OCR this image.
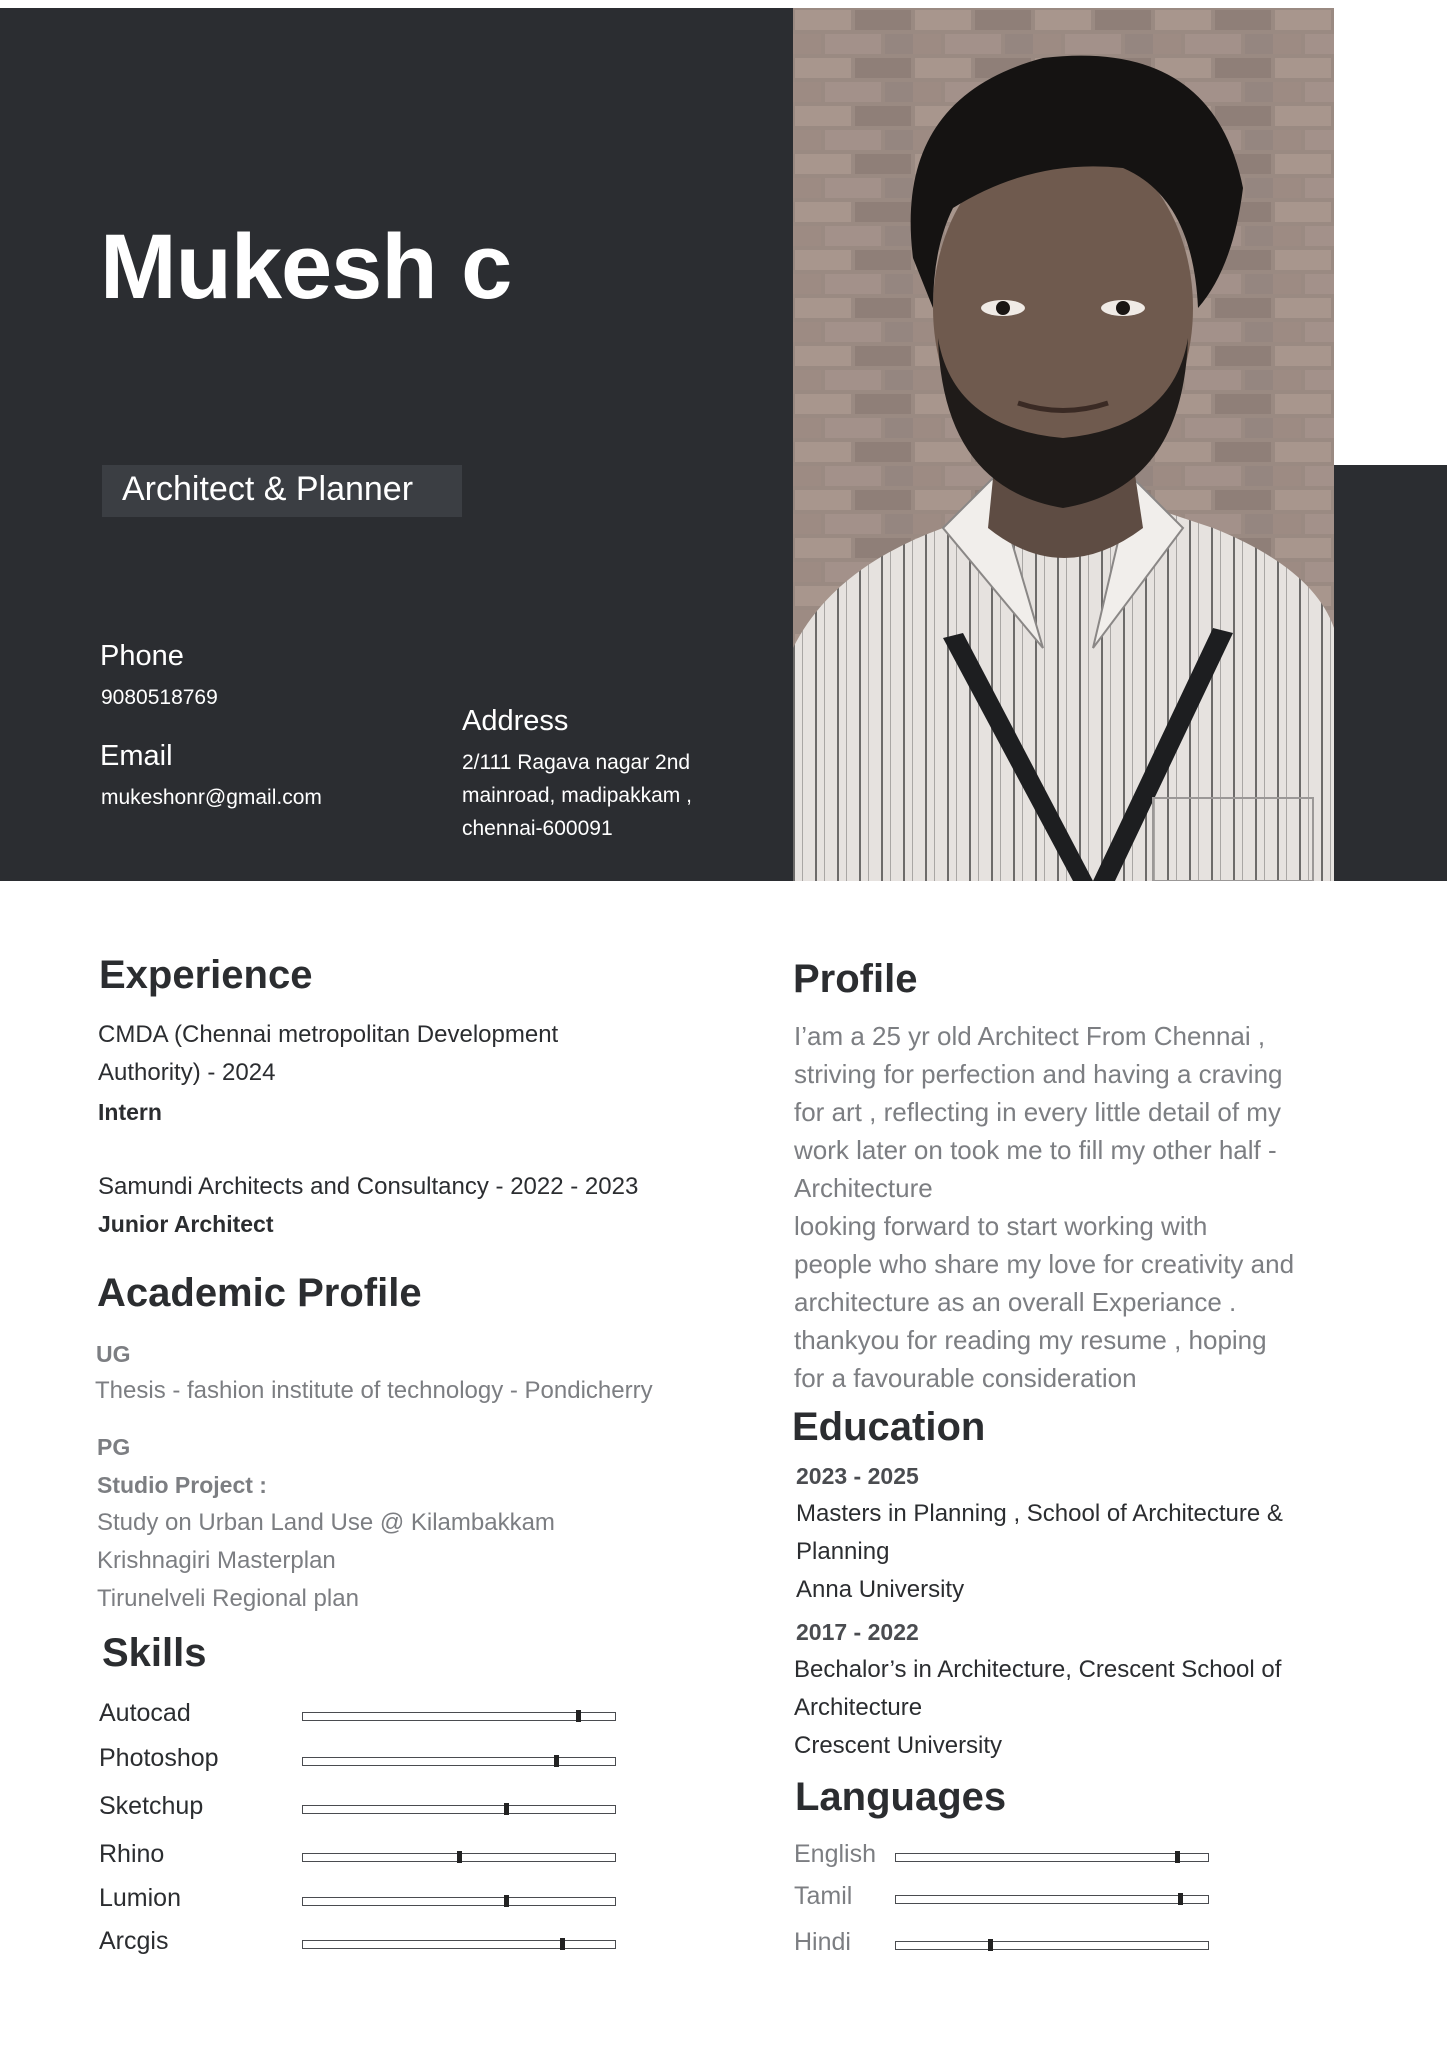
Mukesh c
Architect & Planner
Phone
9080518769
Email
mukeshonr@gmail.com
Address
2/111 Ragava nagar 2nd
mainroad, madipakkam ,
chennai-600091
Experience
CMDA (Chennai metropolitan Development
Authority) - 2024
Intern
Samundi Architects and Consultancy - 2022 - 2023
Junior Architect
Academic Profile
UG
Thesis - fashion institute of technology - Pondicherry
PG
Studio Project :
Study on Urban Land Use @ Kilambakkam
Krishnagiri Masterplan
Tirunelveli Regional plan
Skills
Autocad
Photoshop
Sketchup
Rhino
Lumion
Arcgis
Profile
I’am a 25 yr old Architect From Chennai ,
striving for perfection and having a craving
for art , reflecting in every little detail of my
work later on took me to fill my other half -
Architecture
looking forward to start working with
people who share my love for creativity and
architecture as an overall Experiance .
thankyou for reading my resume , hoping
for a favourable consideration
Education
2023 - 2025
Masters in Planning , School of Architecture &
Planning
Anna University
2017 - 2022
Bechalor’s in Architecture, Crescent School of
Architecture
Crescent University
Languages
English
Tamil
Hindi
